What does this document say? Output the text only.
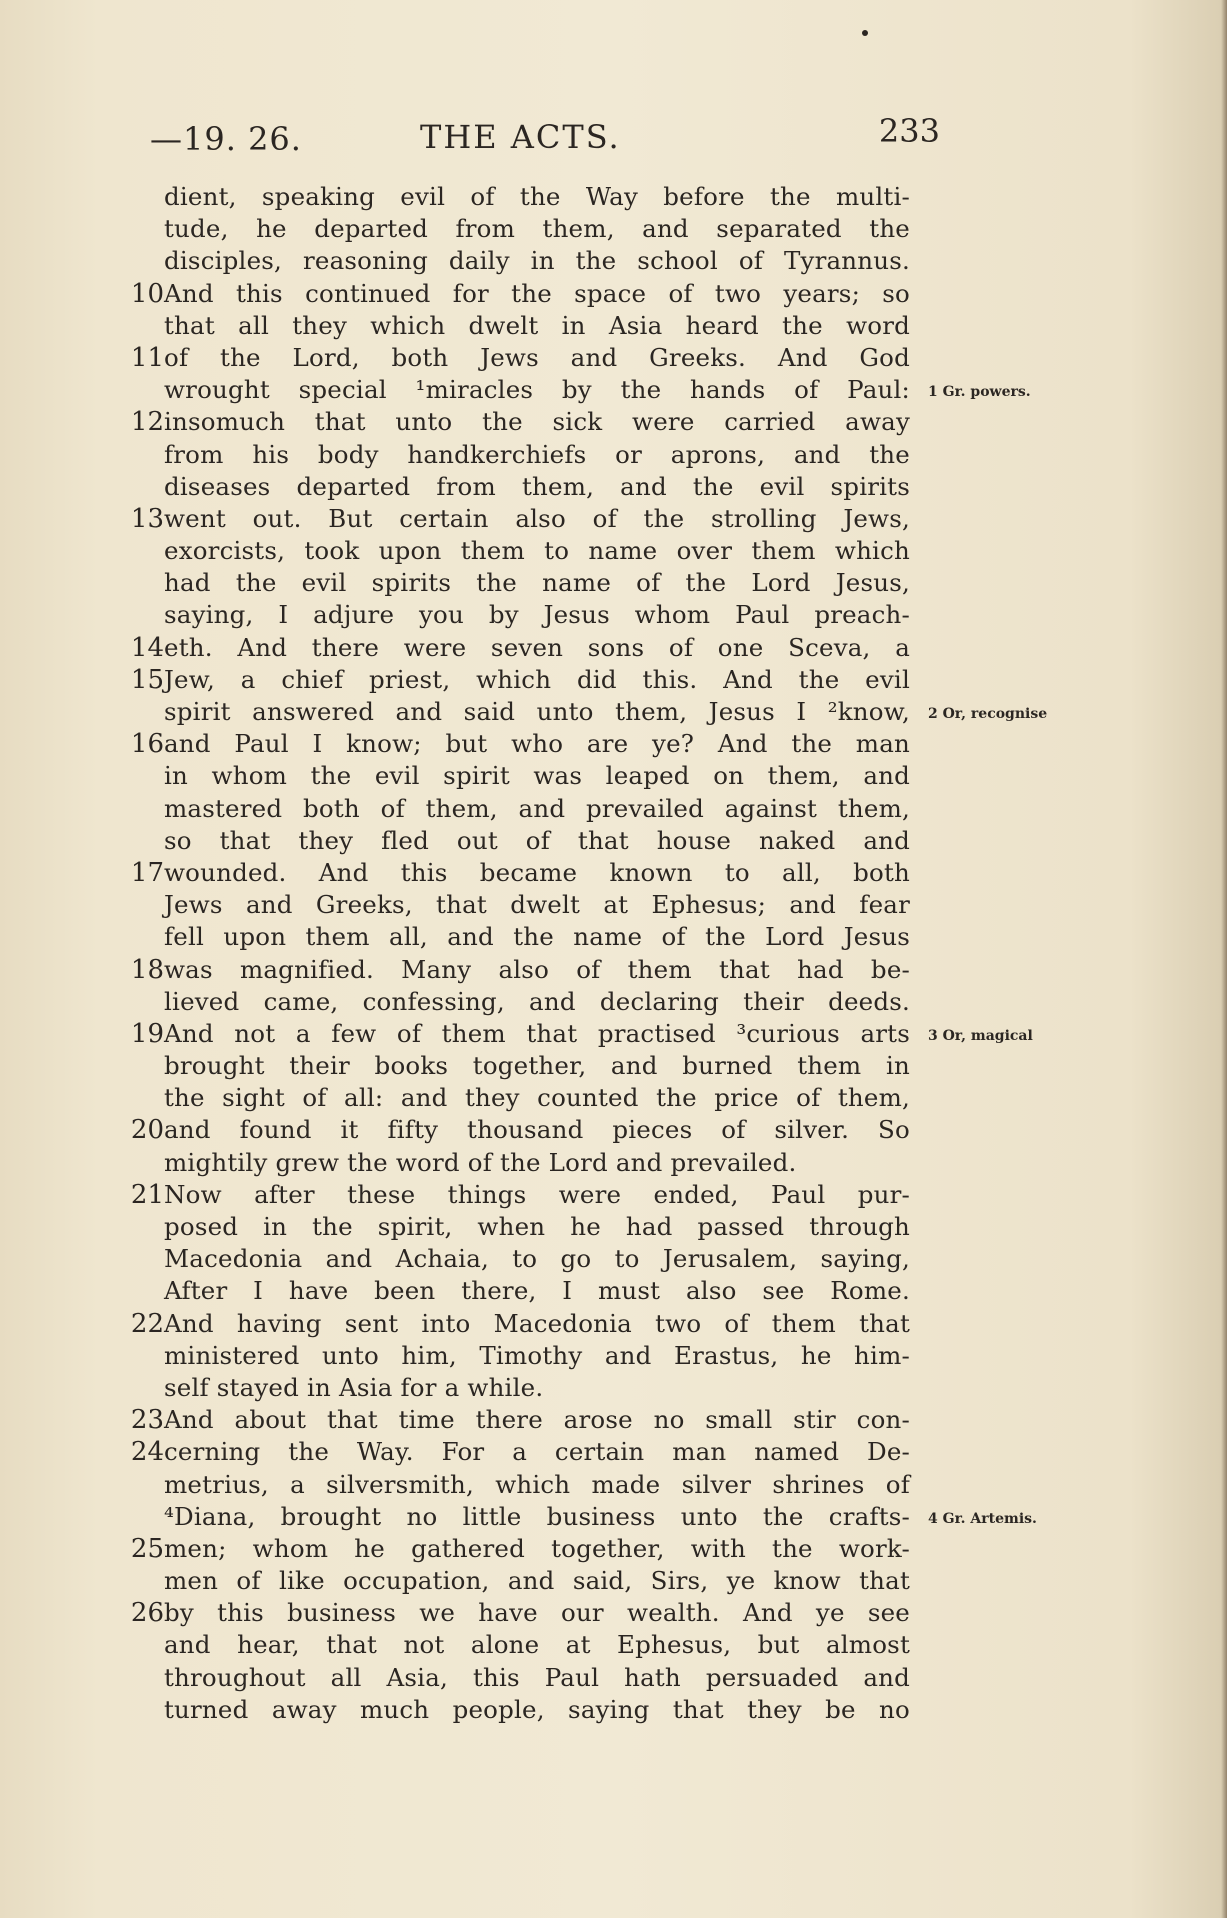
—19. 26.	THE ACTS.	233
dient, speaking evil of the Way before the multi-
tude, he departed from them, and separated the
disciples, reasoning daily in the school of Tyrannus.
10 And this continued for the space of two years; so
that all they which dwelt in Asia heard the word
11 of the Lord, both Jews and Greeks. And God
wrought special ¹miracles by the hands of Paul: 1 Gr. powers.
12 insomuch that unto the sick were carried away
from his body handkerchiefs or aprons, and the
diseases departed from them, and the evil spirits
13 went out. But certain also of the strolling Jews,
exorcists, took upon them to name over them which
had the evil spirits the name of the Lord Jesus,
saying, I adjure you by Jesus whom Paul preach-
14 eth. And there were seven sons of one Sceva, a
15 Jew, a chief priest, which did this. And the evil
spirit answered and said unto them, Jesus I ²know, 2 Or, recognise
16 and Paul I know; but who are ye? And the man
in whom the evil spirit was leaped on them, and
mastered both of them, and prevailed against them,
so that they fled out of that house naked and
17 wounded. And this became known to all, both
Jews and Greeks, that dwelt at Ephesus; and fear
fell upon them all, and the name of the Lord Jesus
18 was magnified. Many also of them that had be-
lieved came, confessing, and declaring their deeds.
19 And not a few of them that practised ³curious arts 3 Or, magical
brought their books together, and burned them in
the sight of all: and they counted the price of them,
20 and found it fifty thousand pieces of silver. So
mightily grew the word of the Lord and prevailed.
21 Now after these things were ended, Paul pur-
posed in the spirit, when he had passed through
Macedonia and Achaia, to go to Jerusalem, saying,
After I have been there, I must also see Rome.
22 And having sent into Macedonia two of them that
ministered unto him, Timothy and Erastus, he him-
self stayed in Asia for a while.
23 And about that time there arose no small stir con-
24 cerning the Way. For a certain man named De-
metrius, a silversmith, which made silver shrines of
⁴Diana, brought no little business unto the crafts- 4 Gr. Artemis.
25 men; whom he gathered together, with the work-
men of like occupation, and said, Sirs, ye know that
26 by this business we have our wealth. And ye see
and hear, that not alone at Ephesus, but almost
throughout all Asia, this Paul hath persuaded and
turned away much people, saying that they be no
